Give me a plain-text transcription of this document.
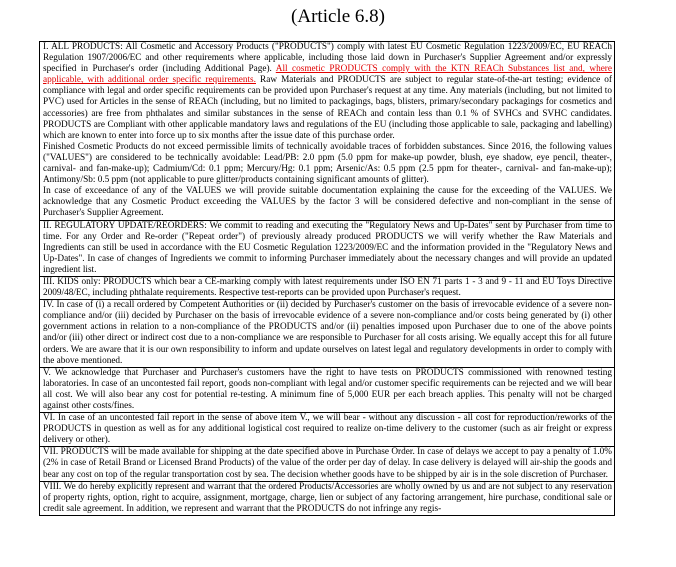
(Article 6.8)

I. ALL PRODUCTS: All Cosmetic and Accessory Products ("PRODUCTS") comply with latest EU Cosmetic Regulation 1223/2009/EC, EU REACh Regulation 1907/2006/EC and other requirements where applicable, including those laid down in Purchaser's Supplier Agreement and/or expressly specified in Purchaser's order (including Additional Page). All cosmetic PRODUCTS comply with the KTN REACh Substances list and, where applicable, with additional order specific requirements. Raw Materials and PRODUCTS are subject to regular state-of-the-art testing; evidence of compliance with legal and order specific requirements can be provided upon Purchaser's request at any time. Any materials (including, but not limited to PVC) used for Articles in the sense of REACh (including, but no limited to packagings, bags, blisters, primary/secondary packagings for cosmetics and accessories) are free from phthalates and similar substances in the sense of REACh and contain less than 0.1 % of SVHCs and SVHC candidates. PRODUCTS are Compliant with other applicable mandatory laws and regulations of the EU (including those applicable to sale, packaging and labelling) which are known to enter into force up to six months after the issue date of this purchase order.

Finished Cosmetic Products do not exceed permissible limits of technically avoidable traces of forbidden substances. Since 2016, the following values ("VALUES") are considered to be technically avoidable: Lead/PB: 2.0 ppm (5.0 ppm for make-up powder, blush, eye shadow, eye pencil, theater-, carnival- and fan-make-up); Cadmium/Cd: 0.1 ppm; Mercury/Hg: 0.1 ppm; Arsenic/As: 0.5 ppm (2.5 ppm for theater-, carnival- and fan-make-up); Antimony/Sb: 0.5 ppm (not applicable to pure glitter/products containing significant amounts of glitter).

In case of exceedance of any of the VALUES we will provide suitable documentation explaining the cause for the exceeding of the VALUES. We acknowledge that any Cosmetic Product exceeding the VALUES by the factor 3 will be considered defective and non-compliant in the sense of Purchaser's Supplier Agreement.

II. REGULATORY UPDATE/REORDERS: We commit to reading and executing the "Regulatory News and Up-Dates" sent by Purchaser from time to time. For any Order and Re-order ("Repeat order") of previously already produced PRODUCTS we will verify whether the Raw Materials and Ingredients can still be used in accordance with the EU Cosmetic Regulation 1223/2009/EC and the information provided in the "Regulatory News and Up-Dates". In case of changes of Ingredients we commit to informing Purchaser immediately about the necessary changes and will provide an updated ingredient list.

III. KIDS only: PRODUCTS which bear a CE-marking comply with latest requirements under ISO EN 71 parts 1 - 3 and 9 - 11 and EU Toys Directive 2009/48/EC, including phthalate requirements. Respective test-reports can be provided upon Purchaser's request.

IV. In case of (i) a recall ordered by Competent Authorities or (ii) decided by Purchaser's customer on the basis of irrevocable evidence of a severe non-compliance and/or (iii) decided by Purchaser on the basis of irrevocable evidence of a severe non-compliance and/or costs being generated by (i) other government actions in relation to a non-compliance of the PRODUCTS and/or (ii) penalties imposed upon Purchaser due to one of the above points and/or (iii) other direct or indirect cost due to a non-compliance we are responsible to Purchaser for all costs arising. We equally accept this for all future orders. We are aware that it is our own responsibility to inform and update ourselves on latest legal and regulatory developments in order to comply with the above mentioned.

V. We acknowledge that Purchaser and Purchaser's customers have the right to have tests on PRODUCTS commissioned with renowned testing laboratories. In case of an uncontested fail report, goods non-compliant with legal and/or customer specific requirements can be rejected and we will bear all cost. We will also bear any cost for potential re-testing. A minimum fine of 5,000 EUR per each breach applies. This penalty will not be charged against other costs/fines.

VI. In case of an uncontested fail report in the sense of above item V., we will bear - without any discussion - all cost for reproduction/reworks of the PRODUCTS in question as well as for any additional logistical cost required to realize on-time delivery to the customer (such as air freight or express delivery or other).

VII. PRODUCTS will be made available for shipping at the date specified above in Purchase Order. In case of delays we accept to pay a penalty of 1.0% (2% in case of Retail Brand or Licensed Brand Products) of the value of the order per day of delay. In case delivery is delayed will air-ship the goods and bear any cost on top of the regular transportation cost by sea. The decision whether goods have to be shipped by air is in the sole discretion of Purchaser.

VIII. We do hereby explicitly represent and warrant that the ordered Products/Accessories are wholly owned by us and are not subject to any reservation of property rights, option, right to acquire, assignment, mortgage, charge, lien or subject of any factoring arrangement, hire purchase, conditional sale or credit sale agreement. In addition, we represent and warrant that the PRODUCTS do not infringe any regis-
